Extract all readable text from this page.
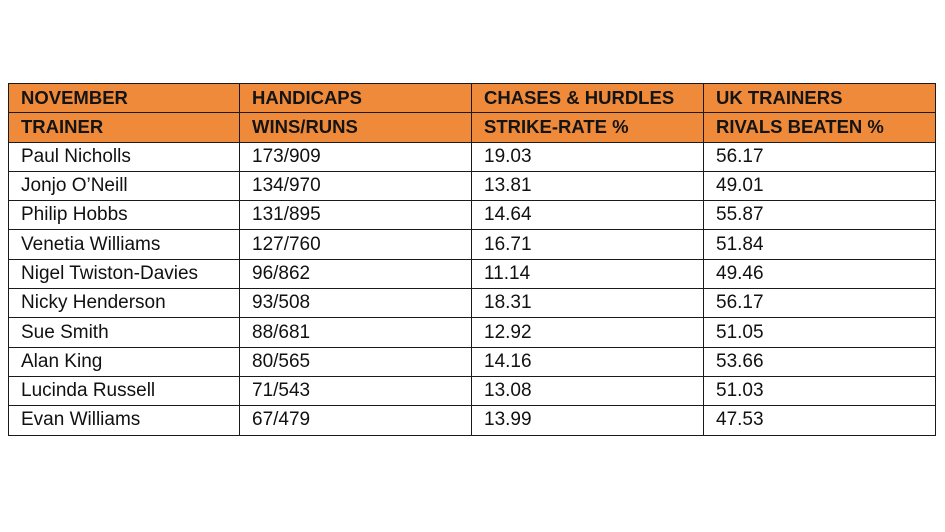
NOVEMBER	HANDICAPS	CHASES & HURDLES	UK TRAINERS
TRAINER	WINS/RUNS	STRIKE-RATE %	RIVALS BEATEN %
Paul Nicholls	173/909	19.03	56.17
Jonjo O’Neill	134/970	13.81	49.01
Philip Hobbs	131/895	14.64	55.87
Venetia Williams	127/760	16.71	51.84
Nigel Twiston-Davies	96/862	11.14	49.46
Nicky Henderson	93/508	18.31	56.17
Sue Smith	88/681	12.92	51.05
Alan King	80/565	14.16	53.66
Lucinda Russell	71/543	13.08	51.03
Evan Williams	67/479	13.99	47.53
